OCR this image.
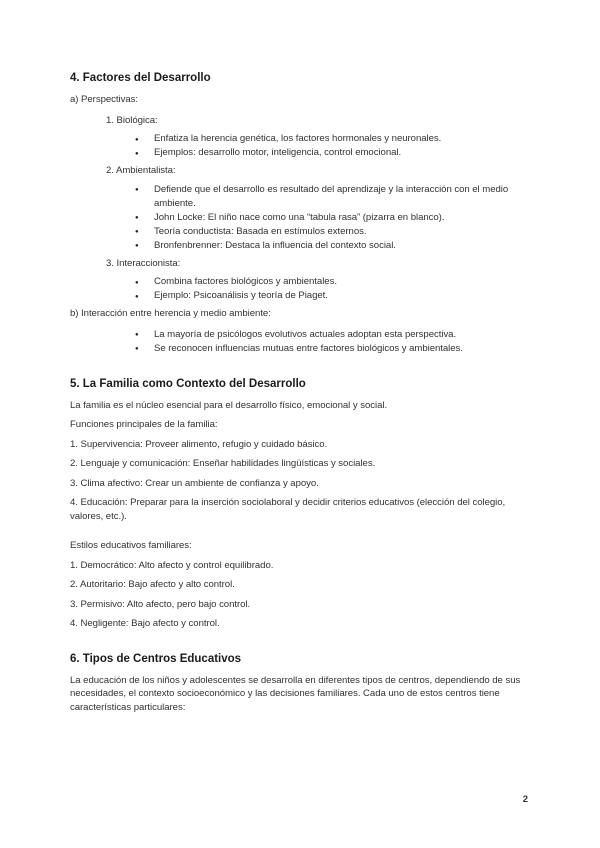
4. Factores del Desarrollo

a) Perspectivas:

1. Biológica:

● Enfatiza la herencia genética, los factores hormonales y neuronales.
● Ejemplos: desarrollo motor, inteligencia, control emocional.

2. Ambientalista:

● Defiende que el desarrollo es resultado del aprendizaje y la interacción con el medio ambiente.
● John Locke: El niño nace como una “tabula rasa” (pizarra en blanco).
● Teoría conductista: Basada en estímulos externos.
● Bronfenbrenner: Destaca la influencia del contexto social.

3. Interaccionista:

● Combina factores biológicos y ambientales.
● Ejemplo: Psicoanálisis y teoría de Piaget.

b) Interacción entre herencia y medio ambiente:

● La mayoría de psicólogos evolutivos actuales adoptan esta perspectiva.
● Se reconocen influencias mutuas entre factores biológicos y ambientales.
5. La Familia como Contexto del Desarrollo

La familia es el núcleo esencial para el desarrollo físico, emocional y social.

Funciones principales de la familia:

1. Supervivencia: Proveer alimento, refugio y cuidado básico.

2. Lenguaje y comunicación: Enseñar habilidades lingüísticas y sociales.

3. Clima afectivo: Crear un ambiente de confianza y apoyo.

4. Educación: Preparar para la inserción sociolaboral y decidir criterios educativos (elección del colegio, valores, etc.).

Estilos educativos familiares:

1. Democrático: Alto afecto y control equilibrado.

2. Autoritario: Bajo afecto y alto control.

3. Permisivo: Alto afecto, pero bajo control.

4. Negligente: Bajo afecto y control.

6. Tipos de Centros Educativos

La educación de los niños y adolescentes se desarrolla en diferentes tipos de centros, dependiendo de sus necesidades, el contexto socioeconómico y las decisiones familiares. Cada uno de estos centros tiene características particulares:

2
